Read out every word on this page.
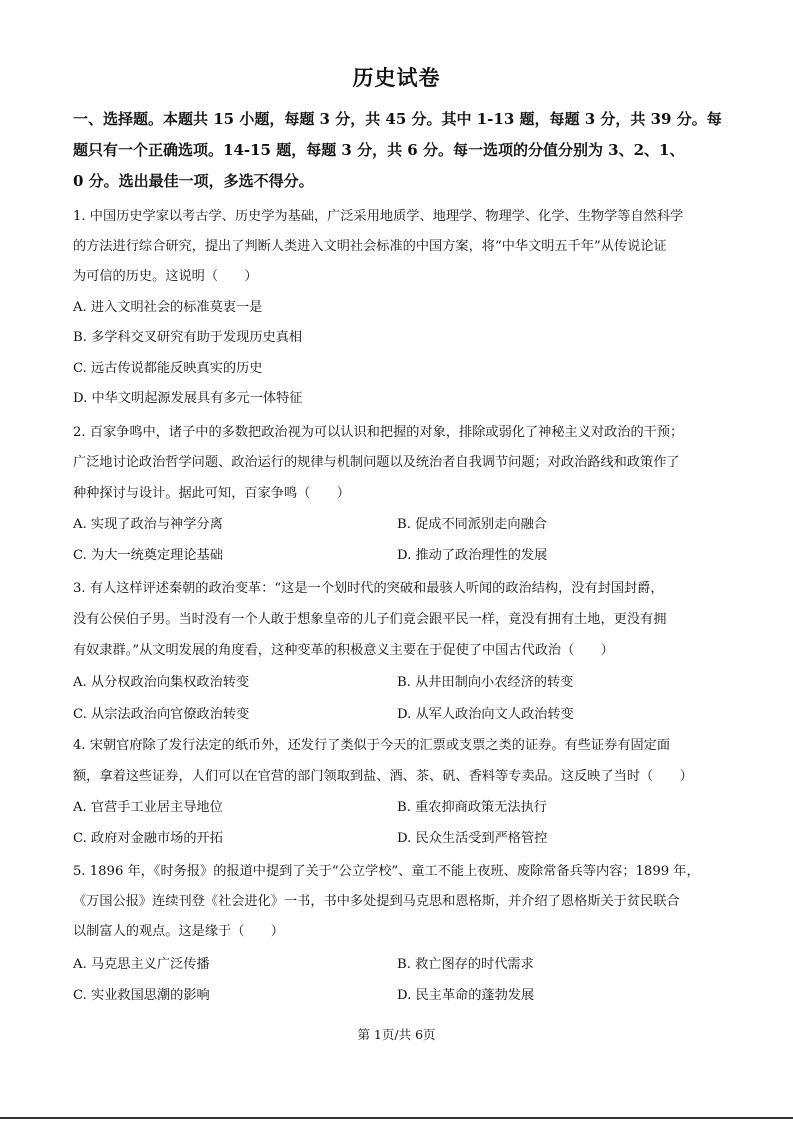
历史试卷
一、选择题。本题共 15 小题，每题 3 分，共 45 分。其中 1-13 题，每题 3 分，共 39 分。每
题只有一个正确选项。14-15 题，每题 3 分，共 6 分。每一选项的分值分别为 3、2、1、
0 分。选出最佳一项，多选不得分。
1. 中国历史学家以考古学、历史学为基础，广泛采用地质学、地理学、物理学、化学、生物学等自然科学
的方法进行综合研究，提出了判断人类进入文明社会标准的中国方案，将“中华文明五千年”从传说论证
为可信的历史。这说明（　　）
A. 进入文明社会的标准莫衷一是
B. 多学科交叉研究有助于发现历史真相
C. 远古传说都能反映真实的历史
D. 中华文明起源发展具有多元一体特征
2. 百家争鸣中，诸子中的多数把政治视为可以认识和把握的对象，排除或弱化了神秘主义对政治的干预；
广泛地讨论政治哲学问题、政治运行的规律与机制问题以及统治者自我调节问题；对政治路线和政策作了
种种探讨与设计。据此可知，百家争鸣（　　）
A. 实现了政治与神学分离	B. 促成不同派别走向融合
C. 为大一统奠定理论基础	D. 推动了政治理性的发展
3. 有人这样评述秦朝的政治变革：“这是一个划时代的突破和最骇人听闻的政治结构，没有封国封爵，
没有公侯伯子男。当时没有一个人敢于想象皇帝的儿子们竟会跟平民一样，竟没有拥有土地，更没有拥
有奴隶群。”从文明发展的角度看，这种变革的积极意义主要在于促使了中国古代政治（　　）
A. 从分权政治向集权政治转变	B. 从井田制向小农经济的转变
C. 从宗法政治向官僚政治转变	D. 从军人政治向文人政治转变
4. 宋朝官府除了发行法定的纸币外，还发行了类似于今天的汇票或支票之类的证券。有些证券有固定面
额，拿着这些证券，人们可以在官营的部门领取到盐、酒、茶、矾、香料等专卖品。这反映了当时（　　）
A. 官营手工业居主导地位	B. 重农抑商政策无法执行
C. 政府对金融市场的开拓	D. 民众生活受到严格管控
5. 1896 年，《时务报》的报道中提到了关于“公立学校”、童工不能上夜班、废除常备兵等内容；1899 年，
《万国公报》连续刊登《社会进化》一书，书中多处提到马克思和恩格斯，并介绍了恩格斯关于贫民联合
以制富人的观点。这是缘于（　　）
A. 马克思主义广泛传播	B. 救亡图存的时代需求
C. 实业救国思潮的影响	D. 民主革命的蓬勃发展
第 1页/共 6页
